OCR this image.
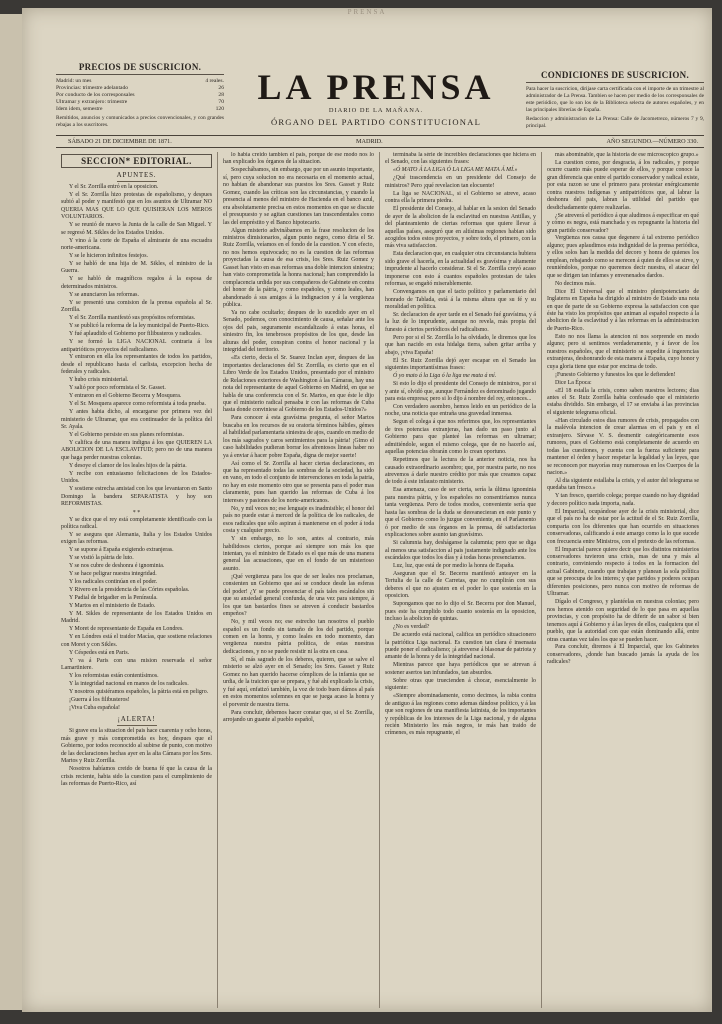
PRENSA
PRECIOS DE SUSCRICION.
Madrid: un mes	4 reales.
Provincias: trimestre adelantado	26
Por conducto de los corresponsales	28
Ultramar y extranjero: trimestre	70
Idem idem, semestre	120
Remitidos, anuncios y comunicados a precios convencionales, y con grandes rebajas a los suscritores.
LA PRENSA
DIARIO DE LA MAÑANA.
ÓRGANO DEL PARTIDO CONSTITUCIONAL
CONDICIONES DE SUSCRICION.
Para hacer la suscricion, dirijase carta certificada con el importe de un trimestre al administrador de La Prensa. Tambien se hacen por medio de los corresponsales de este periódico, que lo son los de la Biblioteca selecta de autores españoles, y en las principales librerías de España.
Redaccion y administracion de La Prensa: Calle de Jacometrezo, números 7 y 9, principal.
SÁBADO 21 DE DICIEMBRE DE 1871.	MADRID.	AÑO SEGUNDO.—NÚMERO 330.
SECCION* EDITORIAL.
APUNTES.
Y el Sr. Zorrilla entró en la oposicion.
Y el Sr. Zorrilla hizo protestas de españolismo, y despues subió al poder y manifestó que en los asuntos de Ultramar NO QUERIA MAS QUE LO QUE QUISIERAN LOS MEROS VOLUNTARIOS.
Y se reunió de nuevo la Junta de la calle de San Miguel. Y se regresó M. Sikles de los Estados Unidos.
Y vino á la corte de España el almirante de una escuadra norte-americana.
Y se le hicieron infinitos festejos.
Y se habló de una hija de M. Sikles, el ministro de la Guerra.
Y se habló de magníficos regalos á la esposa de determinados ministros.
Y se anunciaron las reformas.
Y se presentó una comision de la prensa española al Sr. Zorrilla.
Y el Sr. Zorrilla manifestó sus propósitos reformistas.
Y se publicó la reforma de la ley municipal de Puerto-Rico.
Y fué aplaudido el Gobierno por filibusteros y radicales.
Y se formó la LIGA NACIONAL contraria á los antipatrióticos proyectos del radicalismo.
Y entraron en ella los representantes de todos los partidos, desde el republicano hasta el carlista, excepcion hecha de federales y radicales.
Y hubo crisis ministerial.
Y salió por poco reformista el Sr. Gasset.
Y entraron en el Gobierno Becerra y Mosquera.
Y el Sr. Mosquera aparece como reformista á toda prueba.
Y antes habia dicho, al encargarse por primera vez del ministerio de Ultramar, que era continuador de la política del Sr. Ayala.
Y el Gobierno persiste en sus planes reformistas.
Y califica de una manera indigna á los que QUIEREN LA ABOLICION DE LA ESCLAVITUD; pero no de una manera que haga perder nuestras colonias.
Y desoye el clamor de los leales hijos de la pátria.
Y recibe con entusiasmo felicitaciones de los Estados-Unidos.
Y sostiene estrecha amistad con los que levantaron en Santo Domingo la bandera SEPARATISTA y hoy son REFORMISTAS.
* *
Y se dice que el rey está completamente identificado con la política radical.
Y se asegura que Alemania, Italia y los Estados Unidos exigen las reformas.
Y se supone á España exigiendo extranjeras.
Y se vistió la pátria de luto.
Y se nos cubre de deshonra é ignominia.
Y se hace peligrar nuestra integridad.
Y los radicales continúan en el poder.
Y Rivero en la presidencia de las Córtes españolas.
Y Padial de brigadier en la Península.
Y Martos en el ministerio de Estado.
Y M. Sikles de representante de los Estados Unidos en Madrid.
Y Moret de representante de España en Londres.
Y en Lóndres está el traidor Macías, que sostiene relaciones con Moret y con Sikles.
Y Céspedes está en Paris.
Y va á Paris con una mision reservada el señor Lamartiniere.
Y los reformistas están contentísimos.
Y la integridad nacional en manos de los radicales.
Y nosotros quisiéramos españoles, la pátria está en peligro.
¡Guerra á los filibusteros!
¡Viva Cuba española!
¡ALERTA!
Si grave era la situacion del pais hace cuarenta y ocho horas, más grave y más comprometida es hoy, despues que el Gobierno, por todos reconocido al subirse de punto, con motivo de las declaraciones hechas ayer en la alta Cámara por los Sres. Martos y Ruiz Zorrilla.
Nosotros habíamos creido de buena fé que la causa de la crisis reciente, habia sido la cuestion para el cumplimiento de las reformas de Puerto-Rico, así
lo habia creido tambien el pais, porque de ese modo nos lo han explicado los órganos de la situacion.
Sospechábamos, sin embargo, que por un asunto importante, sí, pero cuya solucion no era necesaria en el momento actual, no habian de abandonar sus puestos los Sres. Gasset y Ruiz Gomez, cuando las críticas son las circunstancias, y cuando la presencia al menos del ministro de Hacienda en el banco azul, era absolutamente precisa en estos momentos en que se discute el presupuesto y se agitan cuestiones tan trascendentales como las del empréstito y el Banco hipotecario.
Algun misterio adivinábamos en la frase resolucion de los ministros dimisionarios, algun punto negro, como diria el Sr. Ruiz Zorrilla, veíamos en el fondo de la cuestion. Y con efecto, no nos hemos equivocado; no es la cuestion de las reformas proyectadas la causa de esa crisis, los Sres. Ruiz Gomez y Gasset han visto en esas reformas una doble intencion siniestra; han visto comprometida la honra nacional; han comprendido la complacencia urdida por sus compañeros de Gabinete en contra del honor de la pátria, y como españoles, y como leales, han abandonado á sus amigos á la indignacion y á la vergüenza pública.
Ya no cabe ocultarlo; despues de lo sucedido ayer en el Senado, podemos, con conocimiento de causa, señalar ante los ojos del pais, seguramente escandalizado á estas horas, el siniestro fin, los tenebrosos propósitos de los que, desde las alturas del poder, conspiran contra el honor nacional y la integridad del territorio.
«Es cierto, decia el Sr. Suarez Inclan ayer, despues de las importantes declaraciones del Sr. Zorrilla, es cierto que en el Libro Verde de los Estados Unidos, presentado por el ministro de Relaciones exteriores de Washington á las Cámaras, hay una nota del representante de aquel Gobierno en Madrid, en que se habla de una conferencia con el Sr. Martos, en que éste le dijo que el ministerio radical pensaba ir con las reformas de Cuba hasta donde conviniese al Gobierno de los Estados-Unidos?»
Para conocer á esta gravísima pregunta, el señor Martos buscaba en los recursos de su oratoria términos hábiles, gémes al habilidad parlamentaria siniestra de ajos, cuando en medio de los más sagrados y caros sentimientos para la pátria! ¡Gimo el caso habilidades pudieran borrar los afrentosos lineas haber no ya á enviar á hacer pobre España, digna de mejor suerte!
Así como el Sr. Zorrilla al hacer ciertas declaraciones, en que ha representado todas las sombras de la sociedad, ha sido en vano, en todo el conjunto de intervenciones en toda la patria, no hay en este momento otro que se presenta para el poder mas claramente, pues han querido las reformas de Cuba á los intereses y pasiones de los norte-americanos.
No, y mil veces no; ese lenguaje es inadmisible; el honor del país no puede estar á merced de la política de los radicales, de esos radicales que sólo aspiran á mantenerse en el poder á toda costa y cualquier precio.
Y sin embargo, no lo son, antes al contrario, más habilidosos ciertos, porque así siempre son más los que intentan, ya el ministro de Estado es el que más de una manera general las acusaciones, que en el fondo de un misterioso asunto.
¡Qué vergüenza para los que de ser leales nos proclaman, consienten un Gobierno que así se conduce desde las esferas del poder! ¿Y se puede presenciar el país tales escándalos sin que su ansiedad general confunda, de una vez para siempre, á los que tan bastardos fines se atreven á conducir bastardos empeños?
No, y mil veces no; ese estrecho tan nosotros el pueblo español es un fondo sin tamaño de los del partido, porque comen en la honra, y como leales en todo momento, dan vergüenza nuestra pátria política, de estas nuestras dedicaciones, y no se puede resistir ni la otra en casa.
Sí, el más sagrado de los deberes, quieren, que se salve el misterio se alzó ayer en el Senado; los Sres. Gasset y Ruiz Gomez no han querido hacerse cómplices de la infamia que se urdia, de la traicion que se prepara, y fué ahí explicado la crisis, y fué aquí, enfatizó también, la voz de todo buen dámos al país en estos momentos solemnes en que se juega acaso la honra y el porvenir de nuestra tierra.
Para concluir, debemos hacer constar que, si el Sr. Zorrilla, arrojando un guante al pueblo español,
terminaba la série de increibles declaraciones que hiciera en el Senado, con las siguientes frases:
«Ó MATO Á LA LIGA Ó LA LIGA ME MATA Á MÍ.»
¿Qué trascendencia en un presidente del Consejo de ministros? Pero ¡qué revelacion tan elocuente!
La liga se NACIONAL, si el Gobierno se atreve, acaso contra ella la primera piedra.
El presidente del Consejo, al hablar en la sesion del Senado de ayer de la abolicion de la esclavitud en nuestras Antillas, y del planteamiento de ciertas reformas que quiere llevar á aquellas países, aseguró que en altísimas regiones habian sido acogidos todos estos proyectos, y sobre todo, el primero, con la más viva satisfaccion.
Esta declaracion que, en cualquier otra circunstancia hubiera sido grave el hacerla, en la actualidad es gravísima y altamente imprudente al hacerlo considerar. Si el Sr. Zorrilla creyó acaso imponerse con esto á cuantos españoles protestan de tales reformas, se engañó miserablemente.
Convengamos en que el tacto político y parlamentario del honrado de Tablada, está á la misma altura que su fé y su moralidad en política.
Sr. declaracion de ayer tarde en el Senado fué gravísima, y á la luz de lo imprudente, aunque no revela, más propia del funesto á ciertos periódicos del radicalismo.
Pero por si el Sr. Zorrilla lo ha olvidado, le diremos que los que han nacido en esta hidalga tierra, saben gritar arriba y abajo, ¡viva España!
El Sr. Ruiz Zorrilla dejó ayer escapar en el Senado las siguientes importantísimas frases:
Ó yo mato á la Liga ó la liga me mata á mí.
Si esto lo dijo el presidente del Consejo de ministros, por si y ante sí, olvidó que, aunque Fernández es denominado jugando para esta empresa; pero si lo dijo á nombre del rey, entonces...
Con verdadero asombro, hemos leido en un periódico de la noche, una noticia que entraña una gravedad inmensa.
Segun el colega á que nos referimos que, los representantes de tres potencias extranjeras, han dado un paso junto al Gobierno para que planteé las reformas en ultramar; admitiéndole, segun el mismo colega, que de no hacerlo así, aquellas potencias obrarán como lo crean oportuno.
Repetimos que la lectura de la anterior noticia, nos ha causado extraordinario asombro; que, por nuestra parte, no nos atrevemos á darle nuestro crédito por más que creamos capaz de todo á este infausto ministerio.
Esa amenaza, caso de ser cierta, sería la última ignominia para nuestra pátria, y los españoles no consentiríamos nunca tanta vergüenza. Pero de todos modos, conveniente sería que hasta las sombras de la duda se desvanecieran en este punto y que el Gobierno como lo juzgue conveniente, en el Parlamento ó por medio de sus órganos en la prensa, dé satisfactorias explicaciones sobre asunto tan gravísimo.
Si calumnia hay, desháganse la calumnia; pero que se diga al menos una satisfaccion al pais justamente indignado ante los escándalos que todos los días y á todas horas presenciamos.
Luz, luz, que está de por medio la honra de España.
Aseguran que el Sr. Becerra manifestó anteayer en la Tertulia de la calle de Carretas, que no cumplirán con sus deberes el que no ajusten en el poder lo que sostenía en la oposicion.
Supongamos que no lo dijo el Sr. Becerra por don Manuel, pues este ha cumplido todo cuanto sostenía en la oposicion, incluso la abolicion de quintas.
¿No es verdad?
De acuerdo está nacional, califica un periódico situacionero la patriótica Liga nacional. Es cuestion tan clara é insensata puede poner el radicalismo; ¡á atreverse á blasonar de patriota y amante de la honra y de la integridad nacional.
Mientras parece que haya periódicos que se atrevan á sostener asertos tan infundados, tan absurdos.
Sobre otras que truecienden á chocar, esencialmente lo siguiente:
«Siempre abominadamente, como decimos, la rabia contra de antiguo á las regiones como ademas dándose político, y á las que son regiones de una manifiesta latinista, de los importantes y repúblicas de los intereses de la Liga nacional, y de alguna recién Ministerio les más negros, te más han traido de crímenes, es más repugnante, el
más abominable, que la historia de ese microscopico grupo.»
La cuestion como, por desgracia, á los radicales, y porque ocurre cuanto más puede esperar de ellos, y porque conoce la gran diferencia que entre el partido conservador y radical existe, por esta razon se une el primero para protestar enérgicamente contra nuestros indígenas y antipatrióticos que, al labrar la deshonra del pais, labran la utilidad del partido que desdichadamente quiere realizarlas.
¿Se atreverá el periódico á que aludimos á especificar en qué y cómo es negra, está manchada y es repugnante la historia del gran partido conservador?
Vergüenza nos causa que degenere á tal extremo periódico alguno; pues aplaudimos esta indignidad de la prensa periódica, y ellos solos han la medida del decoro y honra de quienes los emplean, rebajando como se merecen á quien de ellos se sirve, y reuniéndolos, porque no queremos decir nuestra, el atacar del que se dirigen tan infames y envenenados dardos.
No decimos más.
Dice El Universal que el ministro plenipotenciario de Inglaterra en España ha dirigido al ministro de Estado una nota en que de parte de su Gobierno expresa la satisfaccion con que éste ha visto los propósitos que animan al español respecto á la abolicion de la esclavitud y á las reformas en la administracion de Puerto-Rico.
Esto no nos llama la atencion ni nos sorprende en modo alguno; pero si sentimos verdaderamente, y á favor de los nuestros españoles, que el ministerio se supedite á ingerencias extranjeras, deshonrando de esta manera á España, cuyo honor y cuya gloria tiene que estar por encima de todo.
¡Funesto Gobierno y funestos los que le defienden!
Dice La Época:
«El 18 estalla la crisis, como saben nuestros lectores; dias antes el Sr. Ruiz Zorrilla habia confesado que el ministerio estaba dividido. Sin embargo, el 17 se enviaba á las provincias el siguiente telegrama oficial.
«Han circulado estos dias rumores de crisis, propagados con la malévola intencion de crear alarmas en el pais y en el extranjero. Sírvase V. S. desmentir categóricamente esos rumores, pues el Gobierno está completamente de acuerdo en todas las cuestiones, y cuenta con la fuerza suficiente para mantener el órden y hacer respetar la legalidad y las leyes, que se reconocen por mayorías muy numerosas en los Cuerpos de la nacion.»
Al dia siguiente estallaba la crisis, y el autor del telegrama se quedaba tan fresco.»
Y tan fresco, querido colega; porque cuando no hay dignidad y decoro político nada importa, nada.
El Imparcial, ocupándose ayer de la crisis ministerial, dice que el país no ha de estar por la actitud de el Sr. Ruiz Zorrilla, comparta con los diferentes que han ocurrido en situaciones conservadoras, calificando á este amargo como la lo que sucede con frecuencia entre Ministros, con el pretexto de las reformas.
El Imparcial parece quiere decir que los distintos ministerios conservadores tuvieron una crisis, mas de una y más al contrario, conviniendo respecto á todos en la formacion del actual Gabinete, cuando que trabajan y planean la sola política que se preocupa de los interes; y que partidos y poderes ocupan diferentes posiciones, pero nunca con motivo de reformas de Ultramar.
Dígalo el Congreso, y plantéelas en nuestras colonias; pero nos hemos atenido con seguridad de lo que pasa en aquellas provincias, y con propósito ha de diferir de un sabor si bien tenemos aquí á Gobierno y á las leyes de ellos, cualquiera que el pueblo, que la autoridad con que están dominando allá, entre otras cuantas vez tales los que se pueden hacer.
Para concluir, diremos á El Imparcial, que los Gabinetes conservadores, ¿donde han buscado jamás la ayuda de los radicales?
